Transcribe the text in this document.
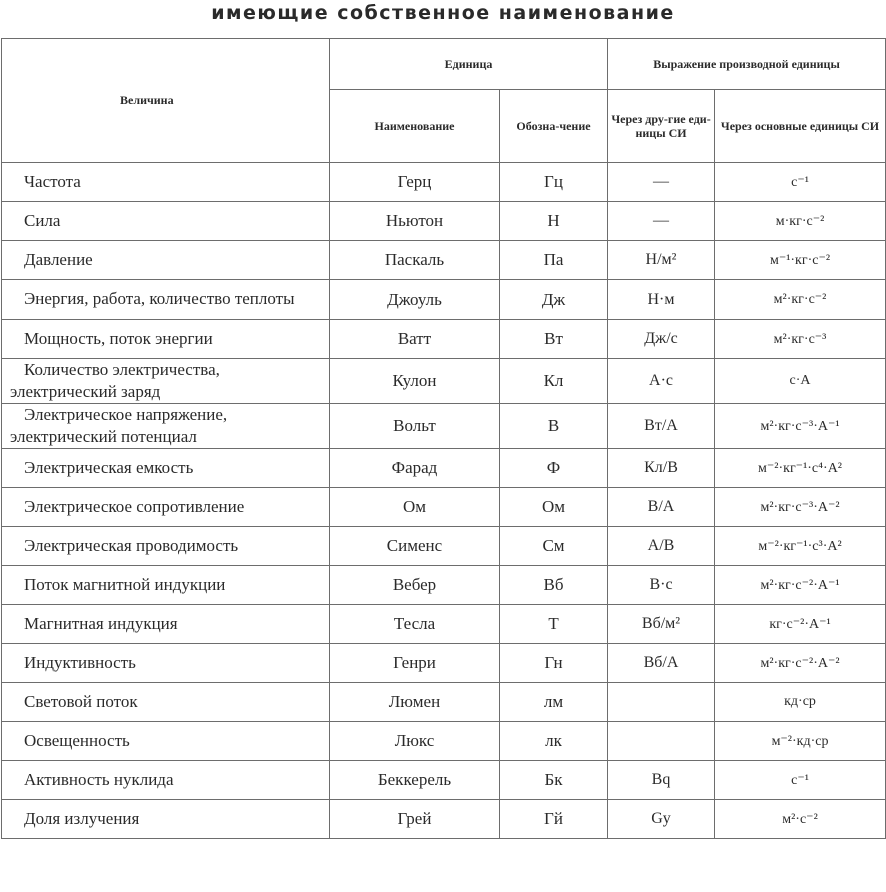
имеющие собственное наименование
Величина	Единица		Выражение производной единицы	
	Наименование	Обозна-чение	Через дру-гие еди-ницы СИ	Через основные единицы СИ
Частота	Герц	Гц	—	с⁻¹
Сила	Ньютон	Н	—	м·кг·с⁻²
Давление	Паскаль	Па	Н/м²	м⁻¹·кг·с⁻²
Энергия, работа, количество теплоты	Джоуль	Дж	Н·м	м²·кг·с⁻²
Мощность, поток энергии	Ватт	Вт	Дж/с	м²·кг·с⁻³
Количество электричества, электрический заряд	Кулон	Кл	А·с	с·А
Электрическое напряжение, электрический потенциал	Вольт	В	Вт/А	м²·кг·с⁻³·А⁻¹
Электрическая емкость	Фарад	Ф	Кл/В	м⁻²·кг⁻¹·с⁴·А²
Электрическое сопротивление	Ом	Ом	В/А	м²·кг·с⁻³·А⁻²
Электрическая проводимость	Сименс	См	А/В	м⁻²·кг⁻¹·с³·А²
Поток магнитной индукции	Вебер	Вб	В·с	м²·кг·с⁻²·А⁻¹
Магнитная индукция	Тесла	Т	Вб/м²	кг·с⁻²·А⁻¹
Индуктивность	Генри	Гн	Вб/А	м²·кг·с⁻²·А⁻²
Световой поток	Люмен	лм		кд·ср
Освещенность	Люкс	лк		м⁻²·кд·ср
Активность нуклида	Беккерель	Бк	Bq	с⁻¹
Доля излучения	Грей	Гй	Gy	м²·с⁻²
